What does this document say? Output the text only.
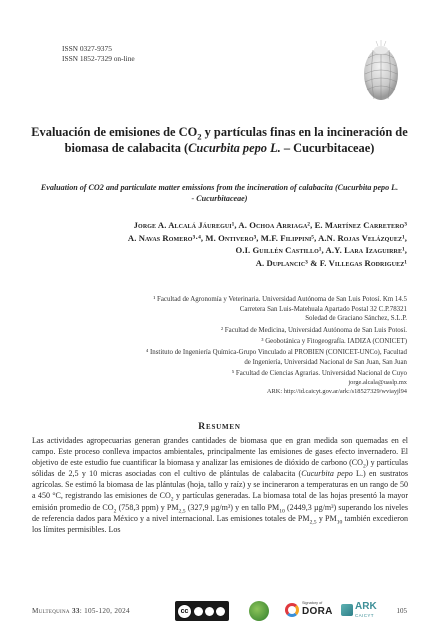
ISSN 0327-9375
ISSN 1852-7329 on-line
Evaluación de emisiones de $CO_2$ y partículas finas en la incineración de biomasa de calabacita (Cucurbita pepo L. – Cucurbitaceae)
Evaluation of CO2 and particulate matter emissions from the incineration of calabacita (Cucurbita pepo L. - Cucurbitaceae)
Jorge A. Alcalá Jáuregui¹, A. Ochoa Arriaga², E. Martínez Carretero³
A. Navas Romero³·⁴, M. Ontivero³, M.F. Filippini⁵, A.N. Rojas Velázquez¹,
O.I. Guillén Castillo¹, A.Y. Lara Izaguirre¹,
A. Duplancic³ & F. Villegas Rodriguez¹
¹ Facultad de Agronomía y Veterinaria. Universidad Autónoma de San Luis Potosí. Km 14.5
Carretera San Luis-Matehuala Apartado Postal 32 C.P.78321
Soledad de Graciano Sánchez, S.L.P.
² Facultad de Medicina, Universidad Autónoma de San Luis Potosí.
³ Geobotánica y Fitogeografía. IADIZA (CONICET)
⁴ Instituto de Ingeniería Química-Grupo Vinculado al PROBIEN (CONICET-UNCo), Facultad
de Ingeniería, Universidad Nacional de San Juan, San Juan
⁵ Facultad de Ciencias Agrarias. Universidad Nacional de Cuyo
jorge.alcala@uaslp.mx
ARK: http://id.caicyt.gov.ar/ark:/s18527329/wviayjl94
Resumen
Las actividades agropecuarias generan grandes cantidades de biomasa que en gran medida son quemadas en el campo. Este proceso conlleva impactos ambientales, principalmente las emisiones de gases efecto invernadero. El objetivo de este estudio fue cuantificar la biomasa y analizar las emisiones de dióxido de carbono $(CO_2)$ y partículas sólidas de 2,5 y 10 micras asociadas con el cultivo de plántulas de calabacita (Cucurbita pepo L.) en sustratos agrícolas. Se estimó la biomasa de las plántulas (hoja, tallo y raíz) y se incineraron a temperaturas en un rango de 50 a 450 °C, registrando las emisiones de $CO_2$ y partículas generadas. La biomasa total de las hojas presentó la mayor emisión promedio de $CO_2$ (758,3 ppm) y $PM_{2,5}$ (327,9 µg/m³) y en tallo $PM_{10}$ (2449,3 µg/m³) superando los niveles de referencia dados para México y a nivel internacional. Las emisiones totales de $PM_{2,5}$ y $PM_{10}$ también excedieron los límites permisibles. Los
Multequina 33: 105-120, 2024	cc
Signatory of
DORA ARK
CAICYT
105
